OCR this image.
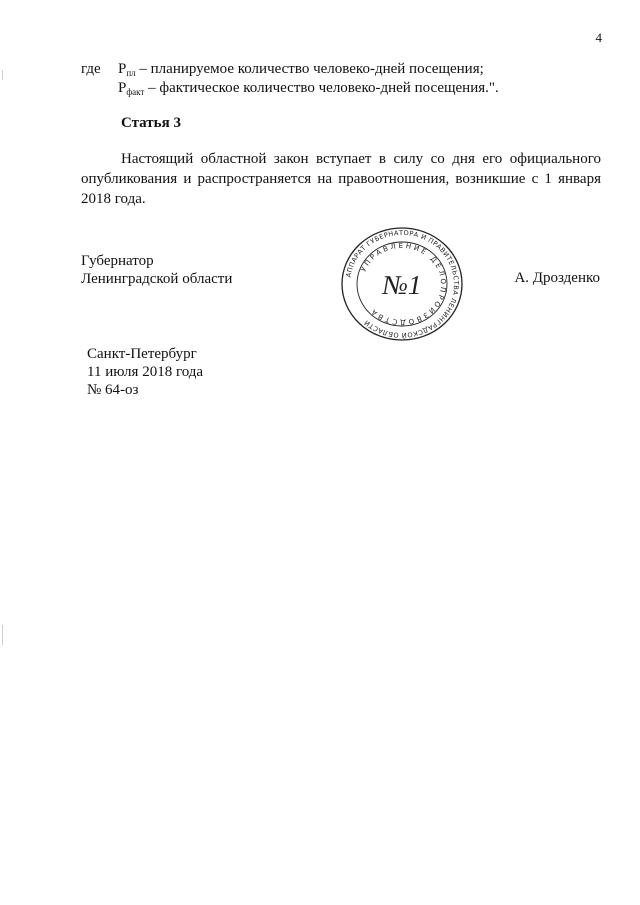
4
где $P_{пл}$ – планируемое количество человеко-дней посещения;
$P_{факт}$ – фактическое количество человеко-дней посещения.".
Статья 3
Настоящий областной закон вступает в силу со дня его официального
опубликования и распространяется на правоотношения, возникшие с 1 января
2018 года.
Губернатор
Ленинградской области	АППАРАТ ГУБЕРНАТОРА И ПРАВИТЕЛЬСТВА ЛЕНИНГРАДСКОЙ ОБЛАСТИ
УПРАВЛЕНИЕ ДЕЛОПРОИЗВОДСТВА
№1	А. Дрозденко
Санкт-Петербург
11 июля 2018 года
№ 64-оз
